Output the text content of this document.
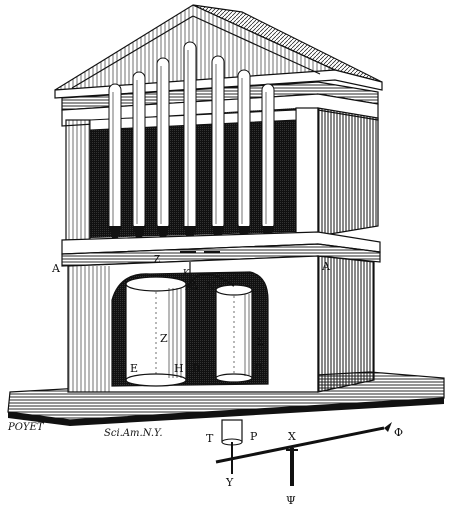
A	A
Z
K
Δ N
Ω
Z
E	H B
Σ
π
T	P	X	Φ
Υ
Ψ
POYET
Sci.Am.N.Y.
